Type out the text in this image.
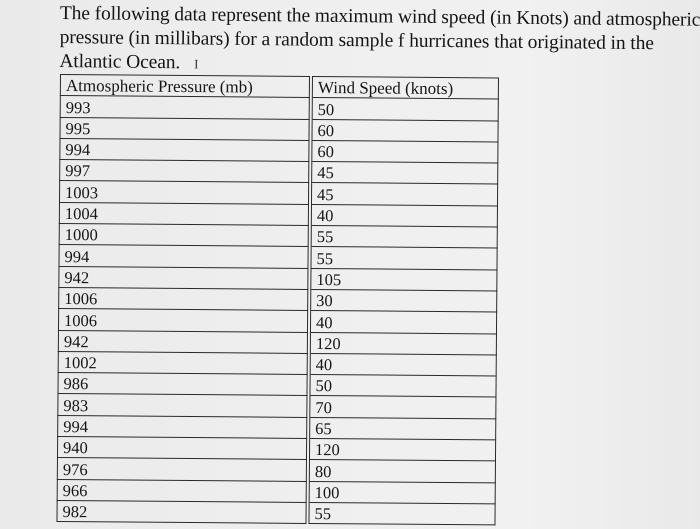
The following data represent the maximum wind speed (in Knots) and atmospheric
pressure (in millibars) for a random sample f hurricanes that originated in the
Atlantic Ocean. I
Atmospheric Pressure (mb)		Wind Speed (knots)
993		50
995		60
994		60
997		45
1003		45
1004		40
1000		55
994		55
942		105
1006		30
1006		40
942		120
1002		40
986		50
983		70
994		65
940		120
976		80
966		100
982		55
